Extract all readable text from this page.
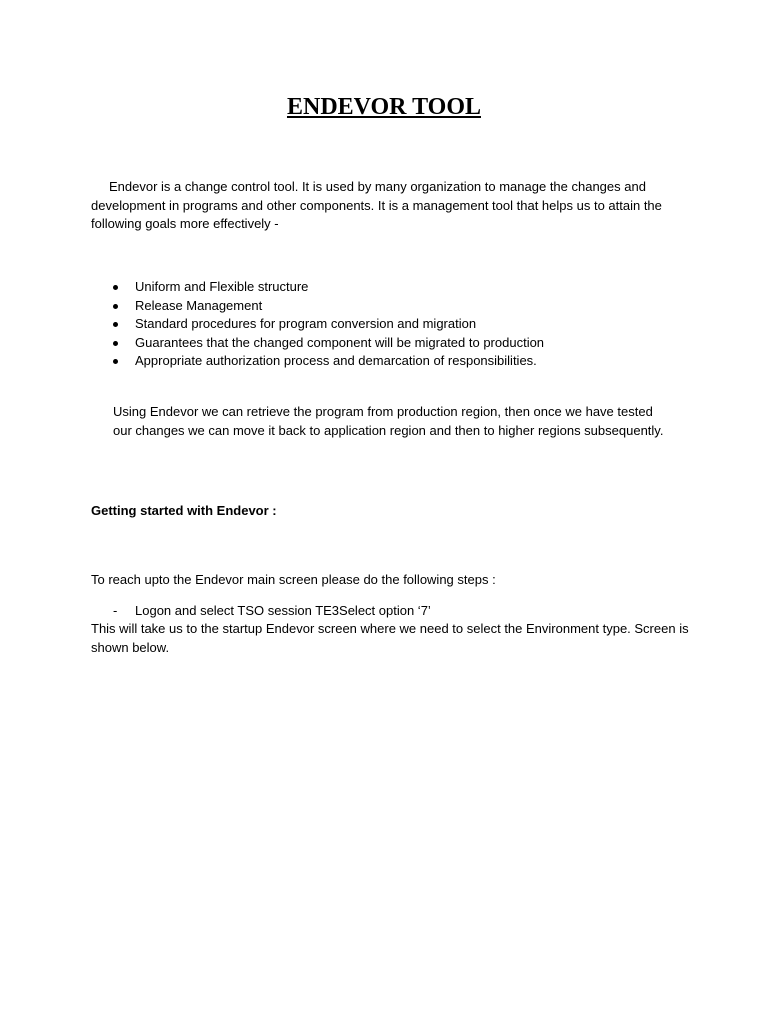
ENDEVOR TOOL

Endevor is a change control tool. It is used by many organization to manage the changes and development in programs and other components. It is a management tool that helps us to attain the following goals more effectively -

Uniform and Flexible structure
Release Management
Standard procedures for program conversion and migration
Guarantees that the changed component will be migrated to production
Appropriate authorization process and demarcation of responsibilities.

Using Endevor we can retrieve the program from production region, then once we have tested our changes we can move it back to application region and then to higher regions subsequently.

Getting started with Endevor :

To reach upto the Endevor main screen please do the following steps :

- Logon and select TSO session TE3Select option ‘7’

This will take us to the startup Endevor screen where we need to select the Environment type. Screen is shown below.
